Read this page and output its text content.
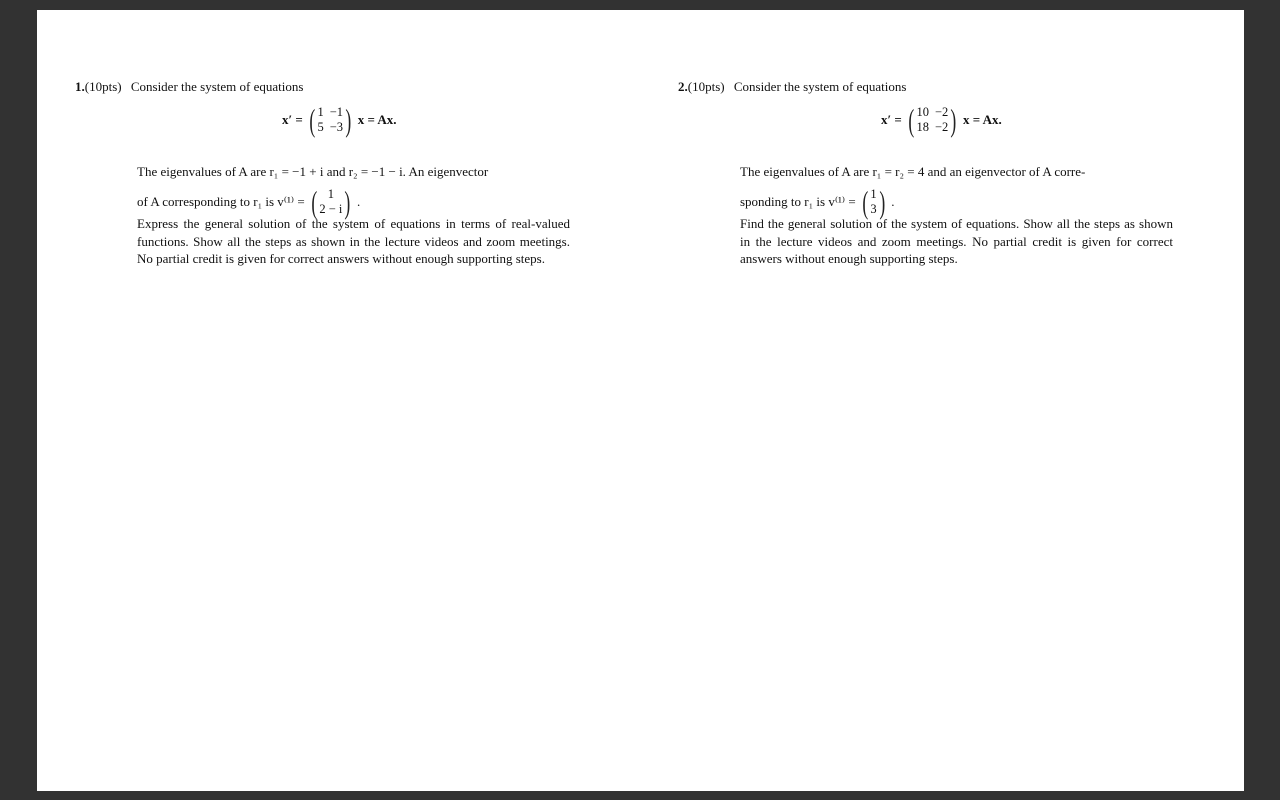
1.(10pts) Consider the system of equations
x′ = ( 1 −1
5 −3 ) x = Ax.
The eigenvalues of A are r₁ = −1 + i and r₂ = −1 − i. An eigenvector
of A corresponding to r₁ is v⁽¹⁾ = ( 1
2 − i ) .
Express the general solution of the system of equations in terms of real-valued functions. Show all the steps as shown in the lecture videos and zoom meetings. No partial credit is given for correct answers without enough supporting steps.
2.(10pts) Consider the system of equations
x′ = ( 10 −2
18 −2 ) x = Ax.
The eigenvalues of A are r₁ = r₂ = 4 and an eigenvector of A corre-
sponding to r₁ is v⁽¹⁾ = ( 1
3 ) .
Find the general solution of the system of equations. Show all the steps as shown in the lecture videos and zoom meetings. No partial credit is given for correct answers without enough supporting steps.
